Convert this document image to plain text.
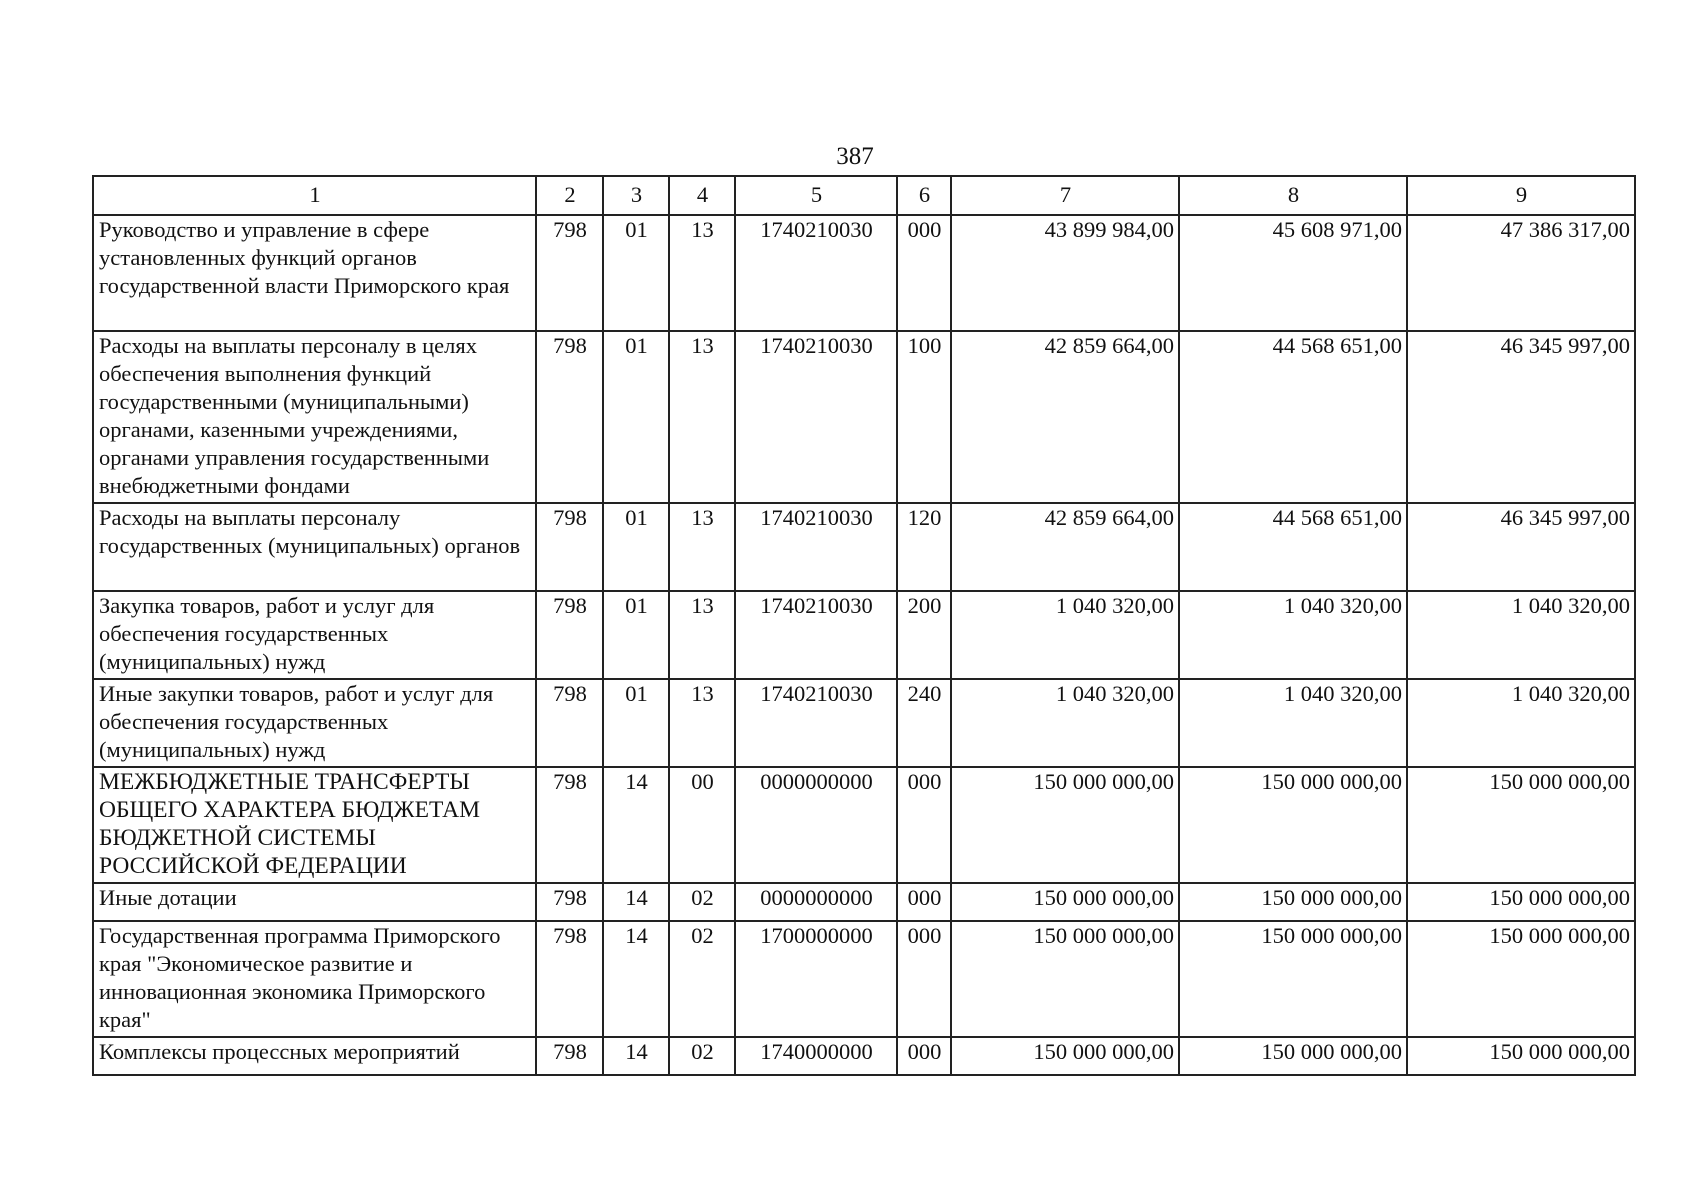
387
1	2	3	4	5	6	7	8	9
Руководство и управление в сфере установленных функций органов государственной власти Приморского края	798	01	13	1740210030	000	43 899 984,00	45 608 971,00	47 386 317,00
Расходы на выплаты персоналу в целях обеспечения выполнения функций государственными (муниципальными) органами, казенными учреждениями, органами управления государственными внебюджетными фондами	798	01	13	1740210030	100	42 859 664,00	44 568 651,00	46 345 997,00
Расходы на выплаты персоналу государственных (муниципальных) органов	798	01	13	1740210030	120	42 859 664,00	44 568 651,00	46 345 997,00
Закупка товаров, работ и услуг для обеспечения государственных (муниципальных) нужд	798	01	13	1740210030	200	1 040 320,00	1 040 320,00	1 040 320,00
Иные закупки товаров, работ и услуг для обеспечения государственных (муниципальных) нужд	798	01	13	1740210030	240	1 040 320,00	1 040 320,00	1 040 320,00
МЕЖБЮДЖЕТНЫЕ ТРАНСФЕРТЫ ОБЩЕГО ХАРАКТЕРА БЮДЖЕТАМ БЮДЖЕТНОЙ СИСТЕМЫ РОССИЙСКОЙ ФЕДЕРАЦИИ	798	14	00	0000000000	000	150 000 000,00	150 000 000,00	150 000 000,00
Иные дотации	798	14	02	0000000000	000	150 000 000,00	150 000 000,00	150 000 000,00
Государственная программа Приморского края "Экономическое развитие и инновационная экономика Приморского края"	798	14	02	1700000000	000	150 000 000,00	150 000 000,00	150 000 000,00
Комплексы процессных мероприятий	798	14	02	1740000000	000	150 000 000,00	150 000 000,00	150 000 000,00
